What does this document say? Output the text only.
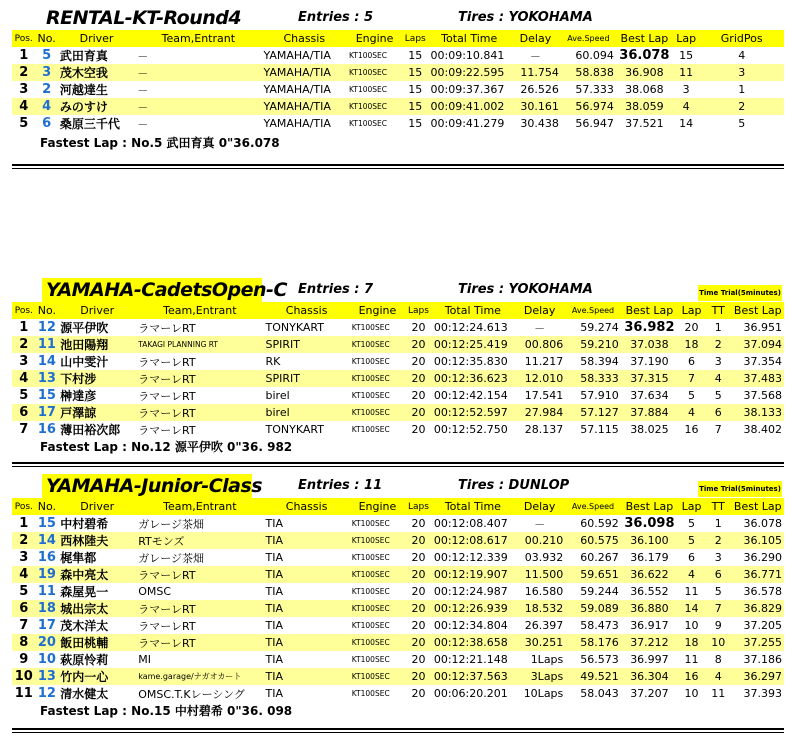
RENTAL-KT-Round4	Entries : 5	Tires : YOKOHAMA
Pos.	No.	Driver	Team,Entrant	Chassis	Engine	Laps	Total Time	Delay	Ave.Speed	Best Lap	Lap	GridPos
1	5	武田育真	－	YAMAHA/TIA	KT100SEC	15	00:09:10.841	－	60.094	36.078	15	4
2	3	茂木空我	－	YAMAHA/TIA	KT100SEC	15	00:09:22.595	11.754	58.838	36.908	11	3
3	2	河越達生	－	YAMAHA/TIA	KT100SEC	15	00:09:37.367	26.526	57.333	38.068	3	1
4	4	みのすけ	－	YAMAHA/TIA	KT100SEC	15	00:09:41.002	30.161	56.974	38.059	4	2
5	6	桑原三千代	－	YAMAHA/TIA	KT100SEC	15	00:09:41.279	30.438	56.947	37.521	14	5
Fastest Lap : No.5 武田育真 0"36.078
YAMAHA-CadetsOpen-C Entries : 7	Tires : YOKOHAMA	Time Trial(5minutes)
Pos.	No.	Driver	Team,Entrant	Chassis	Engine	Laps	Total Time	Delay	Ave.Speed	Best Lap	Lap	TT	Best Lap
1	12	源平伊吹	ラマーレRT	TONYKART	KT100SEC	20	00:12:24.613	－	59.274	36.982	20	1	36.951
2	11	池田陽翔	TAKAGI PLANNING RT	SPIRIT	KT100SEC	20	00:12:25.419	00.806	59.210	37.038	18	2	37.094
3	14	山中雯汁	ラマーレRT	RK	KT100SEC	20	00:12:35.830	11.217	58.394	37.190	6	3	37.354
4	13	下村涉	ラマーレRT	SPIRIT	KT100SEC	20	00:12:36.623	12.010	58.333	37.315	7	4	37.483
5	15	榊達彦	ラマーレRT	birel	KT100SEC	20	00:12:42.154	17.541	57.910	37.634	5	5	37.568
6	17	戸澤諒	ラマーレRT	birel	KT100SEC	20	00:12:52.597	27.984	57.127	37.884	4	6	38.133
7	16	薄田裕次郎	ラマーレRT	TONYKART	KT100SEC	20	00:12:52.750	28.137	57.115	38.025	16	7	38.402
Fastest Lap : No.12 源平伊吹 0"36. 982
YAMAHA-Junior-Class	Entries : 11	Tires : DUNLOP	Time Trial(5minutes)
Pos.	No.	Driver	Team,Entrant	Chassis	Engine	Laps	Total Time	Delay	Ave.Speed	Best Lap	Lap	TT	Best Lap
1	15	中村碧希	ガレージ茶畑	TIA	KT100SEC	20	00:12:08.407	－	60.592	36.098	5	1	36.078
2	14	西林陸夫	RTモンズ	TIA	KT100SEC	20	00:12:08.617	00.210	60.575	36.100	5	2	36.105
3	16	梶隼都	ガレージ茶畑	TIA	KT100SEC	20	00:12:12.339	03.932	60.267	36.179	6	3	36.290
4	19	森中亮太	ラマーレRT	TIA	KT100SEC	20	00:12:19.907	11.500	59.651	36.622	4	6	36.771
5	11	森屋晃一	OMSC	TIA	KT100SEC	20	00:12:24.987	16.580	59.244	36.552	11	5	36.578
6	18	城出宗太	ラマーレRT	TIA	KT100SEC	20	00:12:26.939	18.532	59.089	36.880	14	7	36.829
7	17	茂木洋太	ラマーレRT	TIA	KT100SEC	20	00:12:34.804	26.397	58.473	36.917	10	9	37.205
8	20	飯田桃輔	ラマーレRT	TIA	KT100SEC	20	00:12:38.658	30.251	58.176	37.212	18	10	37.255
9	10	萩原怜莉	MI	TIA	KT100SEC	20	00:12:21.148	1Laps	56.573	36.997	11	8	37.186
10	13	竹内一心	kame.garage/ナガオカート	TIA	KT100SEC	20	00:12:37.563	3Laps	49.521	36.304	16	4	36.297
11	12	清水健太	OMSC.T.Kレーシング	TIA	KT100SEC	20	00:06:20.201	10Laps	58.043	37.207	10	11	37.393
Fastest Lap : No.15 中村碧希 0"36. 098
